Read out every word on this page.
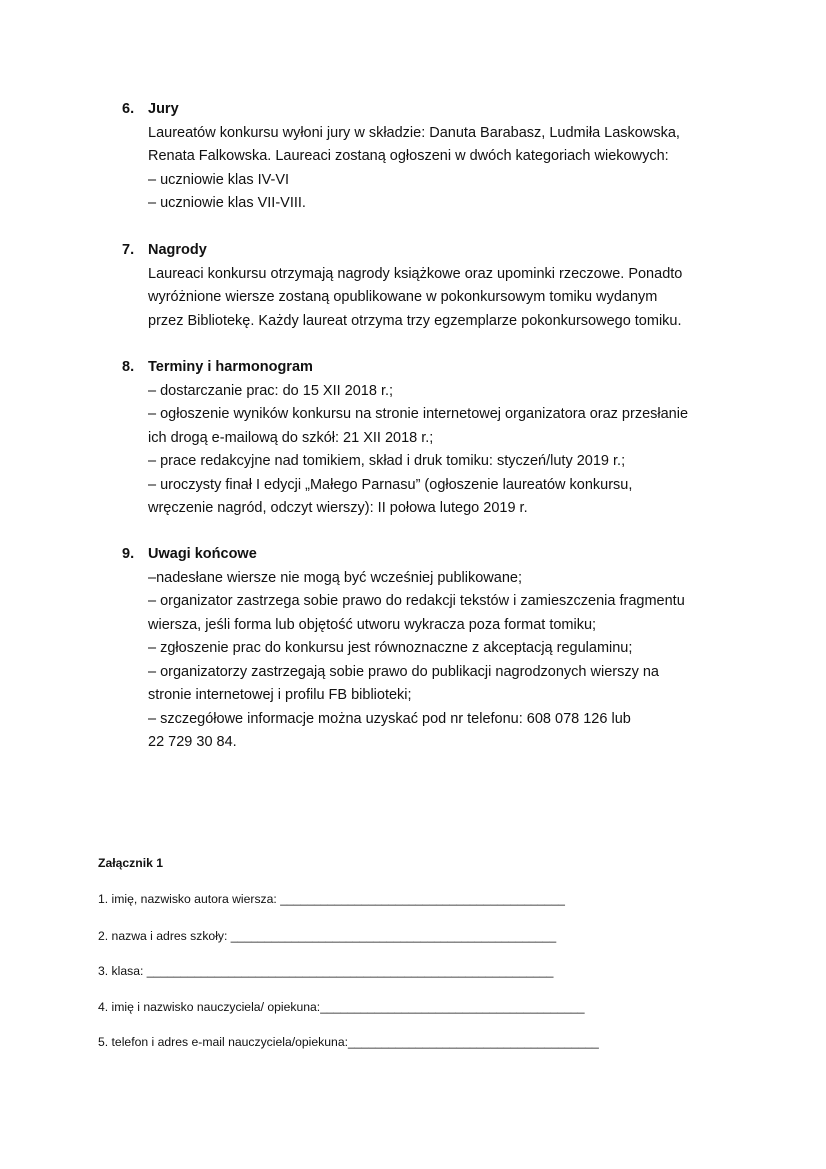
6. Jury
Laureatów konkursu wyłoni jury w składzie: Danuta Barabasz, Ludmiła Laskowska,
Renata Falkowska. Laureaci zostaną ogłoszeni w dwóch kategoriach wiekowych:
– uczniowie klas IV-VI
– uczniowie klas VII-VIII.
7. Nagrody
Laureaci konkursu otrzymają nagrody książkowe oraz upominki rzeczowe. Ponadto
wyróżnione wiersze zostaną opublikowane w pokonkursowym tomiku wydanym
przez Bibliotekę. Każdy laureat otrzyma trzy egzemplarze pokonkursowego tomiku.
8. Terminy i harmonogram
– dostarczanie prac: do 15 XII 2018 r.;
– ogłoszenie wyników konkursu na stronie internetowej organizatora oraz przesłanie
ich drogą e-mailową do szkół: 21 XII 2018 r.;
– prace redakcyjne nad tomikiem, skład i druk tomiku: styczeń/luty 2019 r.;
– uroczysty finał I edycji „Małego Parnasu” (ogłoszenie laureatów konkursu,
wręczenie nagród, odczyt wierszy): II połowa lutego 2019 r.
9. Uwagi końcowe
–nadesłane wiersze nie mogą być wcześniej publikowane;
– organizator zastrzega sobie prawo do redakcji tekstów i zamieszczenia fragmentu
wiersza, jeśli forma lub objętość utworu wykracza poza format tomiku;
– zgłoszenie prac do konkursu jest równoznaczne z akceptacją regulaminu;
– organizatorzy zastrzegają sobie prawo do publikacji nagrodzonych wierszy na
stronie internetowej i profilu FB biblioteki;
– szczegółowe informacje można uzyskać pod nr telefonu: 608 078 126 lub
22 729 30 84.
Załącznik 1
1. imię, nazwisko autora wiersza: __________________________________________
2. nazwa i adres szkoły: ________________________________________________
3. klasa: ____________________________________________________________
4. imię i nazwisko nauczyciela/ opiekuna:_______________________________________
5. telefon i adres e-mail nauczyciela/opiekuna:_____________________________________
